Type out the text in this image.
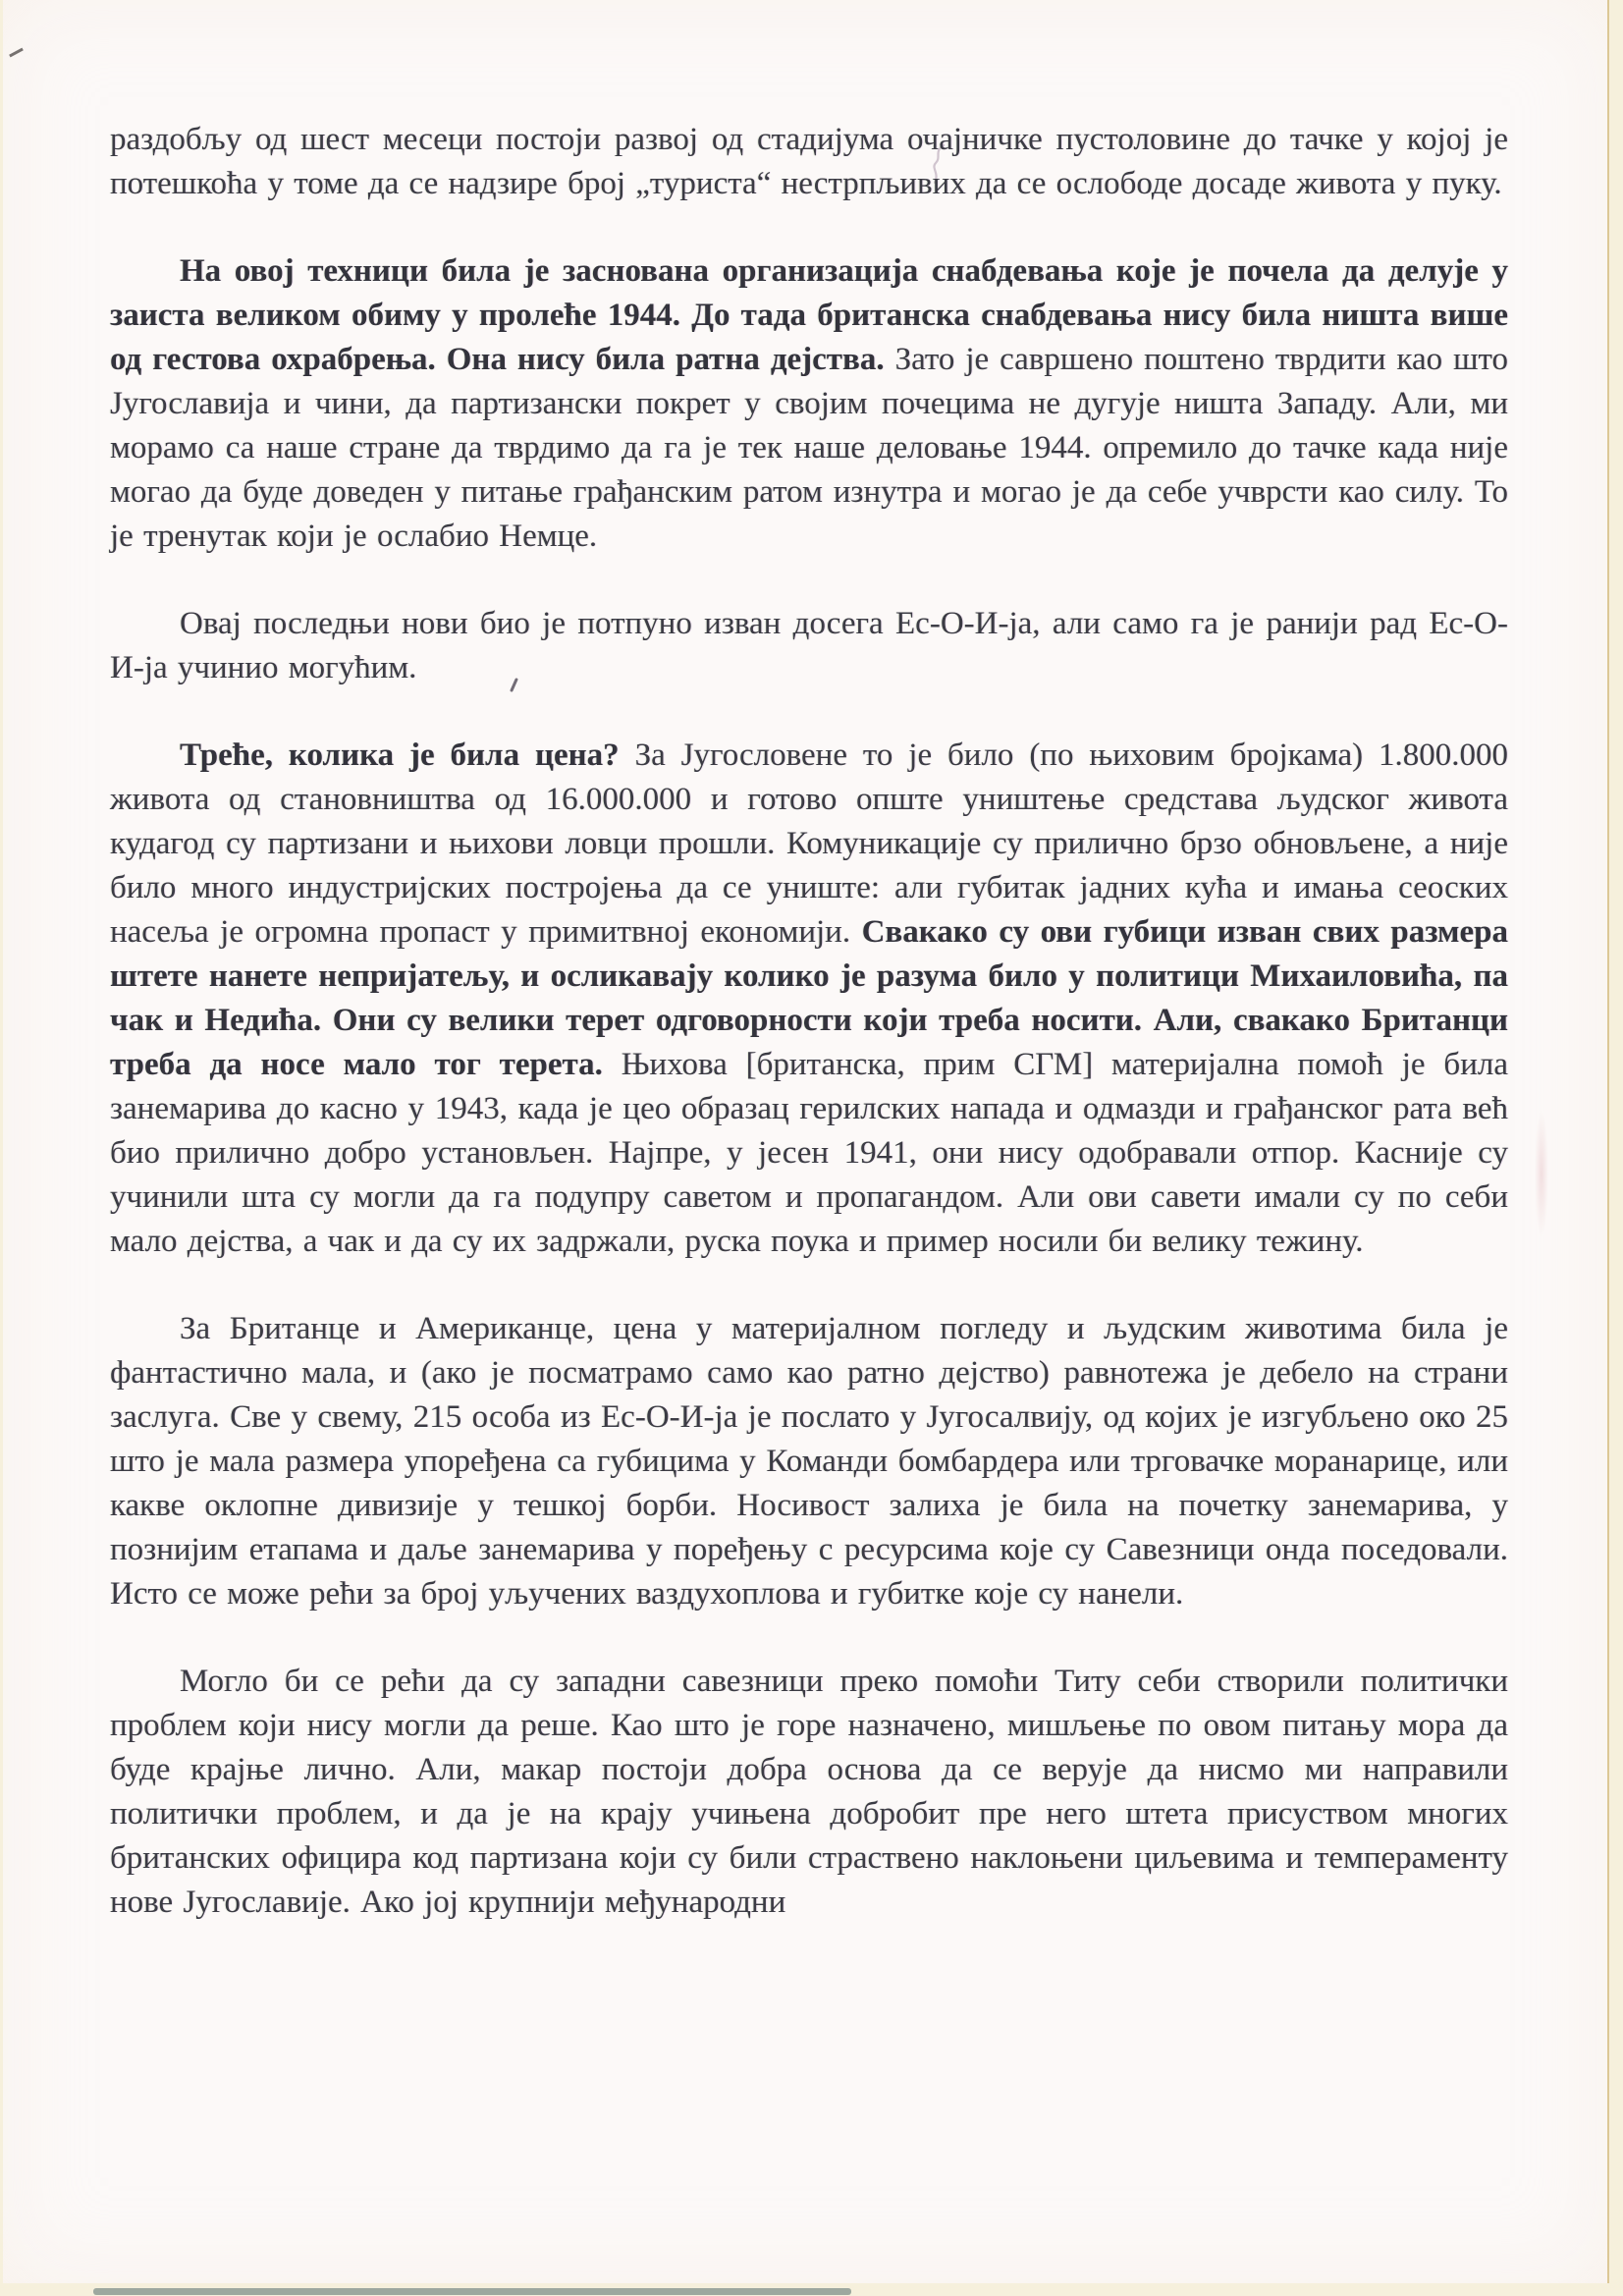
раздобљу од шест месеци постоји развој од стадијума очајничке пустоловине до тачке у којој је потешкоћа у томе да се надзире број „туриста“ нестрпљивих да се ослободе досаде живота у пуку.

На овој техници била је заснована организација снабдевања које је почела да делује у заиста великом обиму у пролеће 1944. До тада британска снабдевања нису била ништа више од гестова охрабрења. Она нису била ратна дејства. Зато је савршено поштено тврдити као што Југославија и чини, да партизански покрет у својим почецима не дугује ништа Западу. Али, ми морамо са наше стране да тврдимо да га је тек наше деловање 1944. опремило до тачке када није могао да буде доведен у питање грађанским ратом изнутра и могао је да себе учврсти као силу. То је тренутак који је ослабио Немце.

Овај последњи нови био је потпуно изван досега Ес-О-И-ја, али само га је ранији рад Ес-О-И-ја учинио могућим.

Треће, колика је била цена? За Југословене то је било (по њиховим бројкама) 1.800.000 живота од становништва од 16.000.000 и готово опште уништење средстава људског живота кудагод су партизани и њихови ловци прошли. Комуникације су прилично брзо обновљене, а није било много индустријских постројења да се униште: али губитак јадних кућа и имања сеоских насеља је огромна пропаст у примитвној економији. Свакако су ови губици изван свих размера штете нанете непријатељу, и осликавају колико је разума било у политици Михаиловића, па чак и Недића. Они су велики терет одговорности који треба носити. Али, свакако Британци треба да носе мало тог терета. Њихова [британска, прим СГМ] материјална помоћ је била занемарива до касно у 1943, када је цео образац герилских напада и одмазди и грађанског рата већ био прилично добро установљен. Најпре, у јесен 1941, они нису одобравали отпор. Касније су учинили шта су могли да га подупру саветом и пропагандом. Али ови савети имали су по себи мало дејства, а чак и да су их задржали, руска поука и пример носили би велику тежину.

За Британце и Американце, цена у материјалном погледу и људским животима била је фантастично мала, и (ако је посматрамо само као ратно дејство) равнотежа је дебело на страни заслуга. Све у свему, 215 особа из Ес-О-И-ја је послато у Југосалвију, од којих је изгубљено око 25 што је мала размера упоређена са губицима у Команди бомбардера или трговачке моранарице, или какве оклопне дивизије у тешкој борби. Носивост залиха је била на почетку занемарива, у познијим етапама и даље занемарива у поређењу с ресурсима које су Савезници онда поседовали. Исто се може рећи за број уључених ваздухоплова и губитке које су нанели.

Могло би се рећи да су западни савезници преко помоћи Титу себи створили политички проблем који нису могли да реше. Као што је горе назначено, мишљење по овом питању мора да буде крајње лично. Али, макар постоји добра основа да се верује да нисмо ми направили политички проблем, и да је на крају учињена добробит пре него штета присуством многих британских официра код партизана који су били страствено наклоњени циљевима и темпераменту нове Југославије. Ако јој крупнији међународни
